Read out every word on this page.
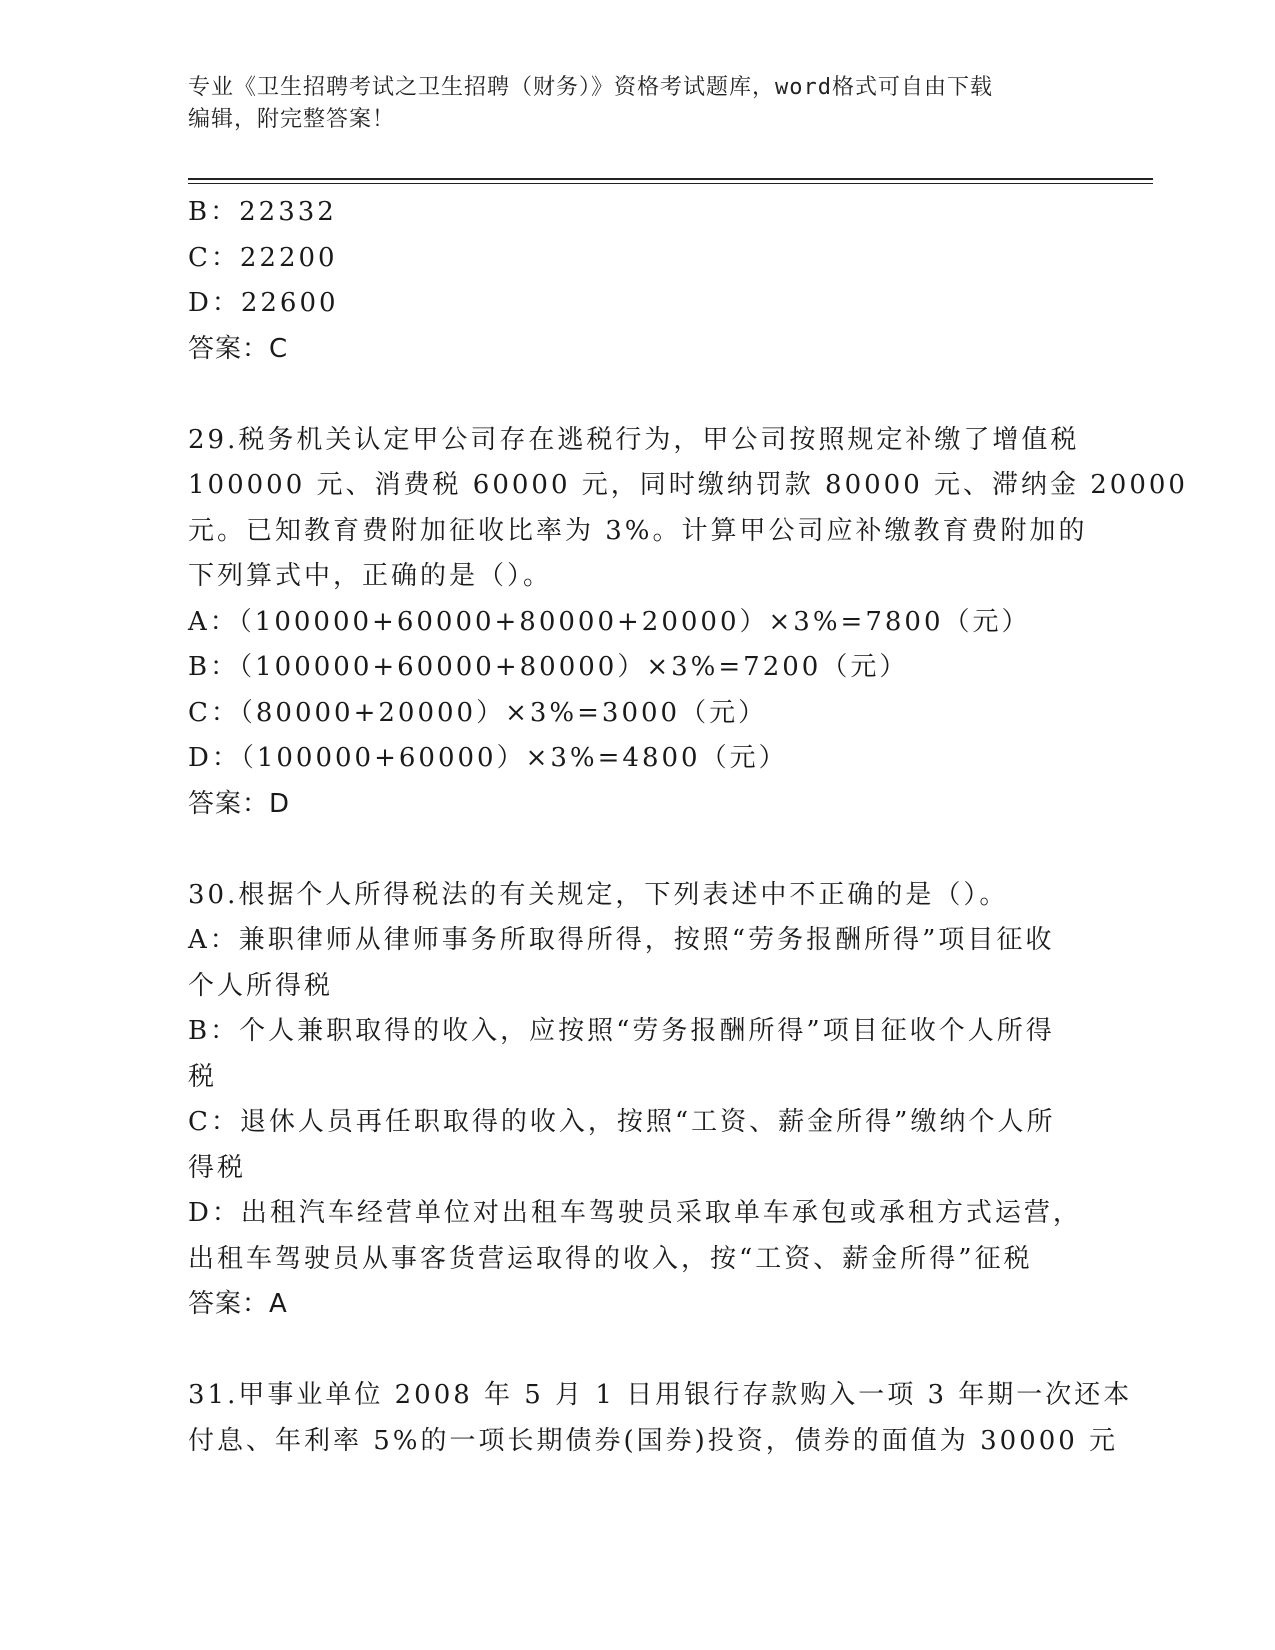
专业《卫生招聘考试之卫生招聘（财务）》资格考试题库，word格式可自由下载
编辑，附完整答案！
B：22332
C：22200
D：22600
答案：C
29.税务机关认定甲公司存在逃税行为，甲公司按照规定补缴了增值税
100000 元、消费税 60000 元，同时缴纳罚款 80000 元、滞纳金 20000
元。已知教育费附加征收比率为 3%。计算甲公司应补缴教育费附加的
下列算式中，正确的是（）。
A：（100000+60000+80000+20000）×3%=7800（元）
B：（100000+60000+80000）×3%=7200（元）
C：（80000+20000）×3%=3000（元）
D：（100000+60000）×3%=4800（元）
答案：D
30.根据个人所得税法的有关规定，下列表述中不正确的是（）。
A：兼职律师从律师事务所取得所得，按照“劳务报酬所得”项目征收
个人所得税
B：个人兼职取得的收入，应按照“劳务报酬所得”项目征收个人所得
税
C：退休人员再任职取得的收入，按照“工资、薪金所得”缴纳个人所
得税
D：出租汽车经营单位对出租车驾驶员采取单车承包或承租方式运营，
出租车驾驶员从事客货营运取得的收入，按“工资、薪金所得”征税
答案：A
31.甲事业单位 2008 年 5 月 1 日用银行存款购入一项 3 年期一次还本
付息、年利率 5%的一项长期债券(国券)投资，债券的面值为 30000 元
